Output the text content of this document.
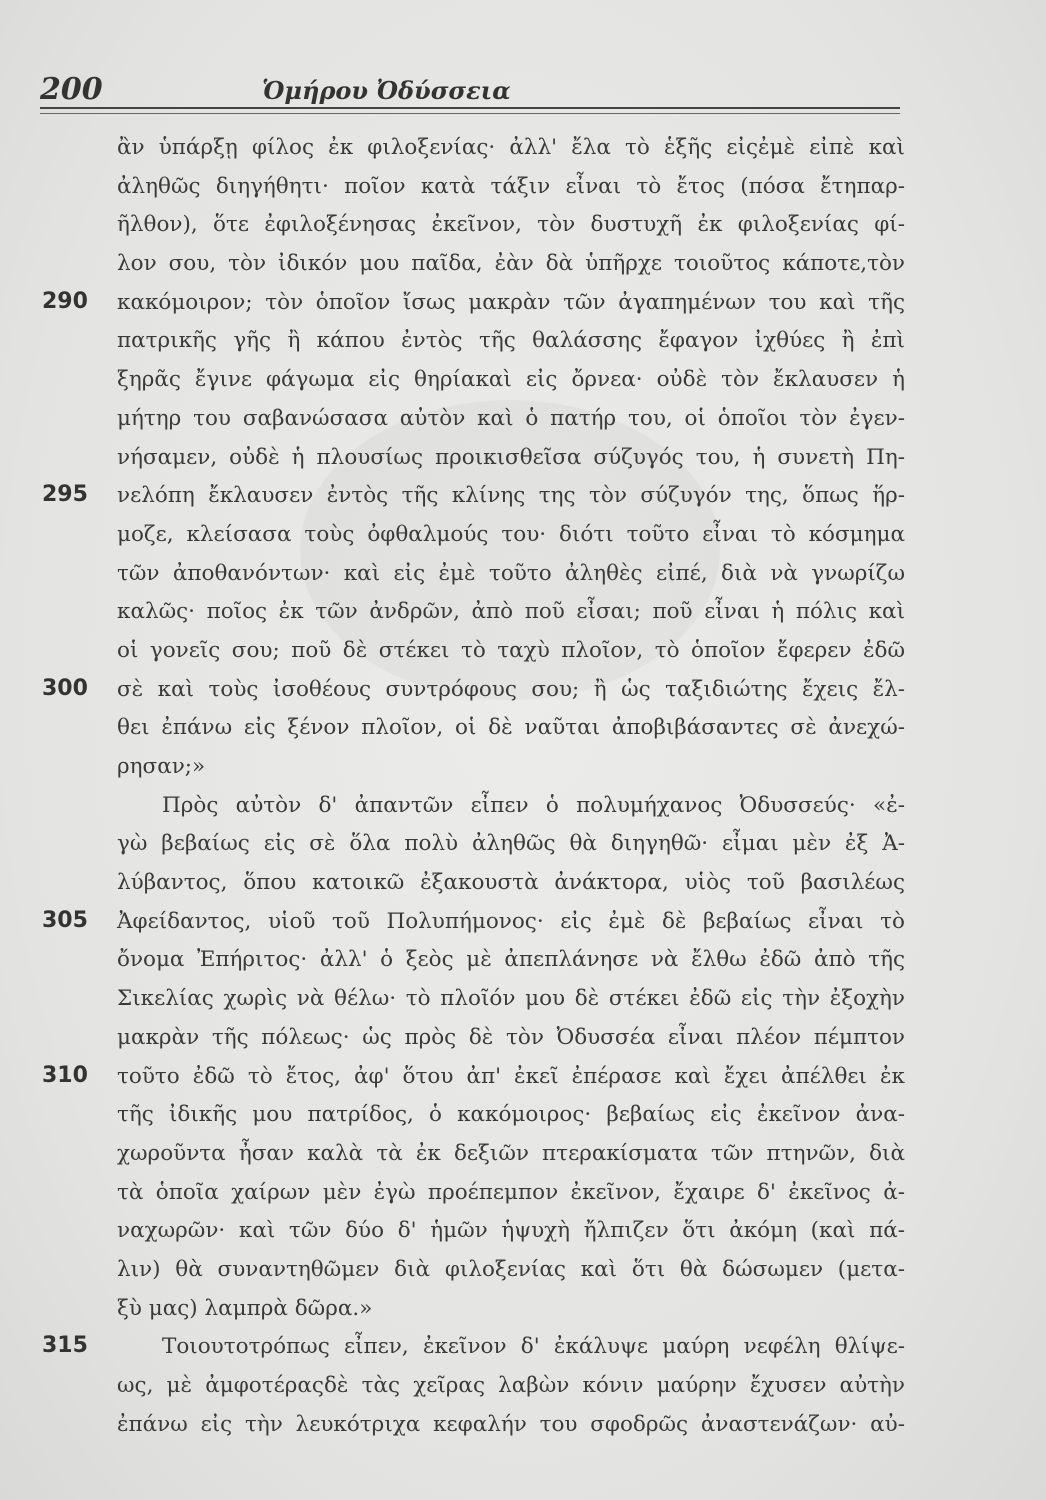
200	Ὁμήρου Ὀδύσσεια
ἂν ὑπάρξῃ φίλος ἐκ φιλοξενίας· ἀλλ' ἔλα τὸ ἑξῆς εἰςἐμὲ εἰπὲ καὶ
ἀληθῶς διηγήθητι· ποῖον κατὰ τάξιν εἶναι τὸ ἔτος (πόσα ἔτηπαρ-
ῆλθον), ὅτε ἐφιλοξένησας ἐκεῖνον, τὸν δυστυχῆ ἐκ φιλοξενίας φί-
λον σου, τὸν ἰδικόν μου παῖδα, ἐὰν δὰ ὑπῆρχε τοιοῦτος κάποτε,τὸν
290 κακόμοιρον; τὸν ὁποῖον ἴσως μακρὰν τῶν ἀγαπημένων του καὶ τῆς
πατρικῆς γῆς ἢ κάπου ἐντὸς τῆς θαλάσσης ἔφαγον ἰχθύες ἢ ἐπὶ
ξηρᾶς ἔγινε φάγωμα εἰς θηρίακαὶ εἰς ὄρνεα· οὐδὲ τὸν ἔκλαυσεν ἡ
μήτηρ του σαβανώσασα αὐτὸν καὶ ὁ πατήρ του, οἱ ὁποῖοι τὸν ἐγεν-
νήσαμεν, οὐδὲ ἡ πλουσίως προικισθεῖσα σύζυγός του, ἡ συνετὴ Πη-
295 νελόπη ἔκλαυσεν ἐντὸς τῆς κλίνης της τὸν σύζυγόν της, ὅπως ἥρ-
μοζε, κλείσασα τοὺς ὀφθαλμούς του· διότι τοῦτο εἶναι τὸ κόσμημα
τῶν ἀποθανόντων· καὶ εἰς ἐμὲ τοῦτο ἀληθὲς εἰπέ, διὰ νὰ γνωρίζω
καλῶς· ποῖος ἐκ τῶν ἀνδρῶν, ἀπὸ ποῦ εἶσαι; ποῦ εἶναι ἡ πόλις καὶ
οἱ γονεῖς σου; ποῦ δὲ στέκει τὸ ταχὺ πλοῖον, τὸ ὁποῖον ἔφερεν ἐδῶ
300 σὲ καὶ τοὺς ἰσοθέους συντρόφους σου; ἢ ὡς ταξιδιώτης ἔχεις ἔλ-
θει ἐπάνω εἰς ξένον πλοῖον, οἱ δὲ ναῦται ἀποβιβάσαντες σὲ ἀνεχώ-
ρησαν;»
Πρὸς αὐτὸν δ' ἀπαντῶν εἶπεν ὁ πολυμήχανος Ὀδυσσεύς· «ἐ-
γὼ βεβαίως εἰς σὲ ὅλα πολὺ ἀληθῶς θὰ διηγηθῶ· εἶμαι μὲν ἐξ Ἀ-
λύβαντος, ὅπου κατοικῶ ἐξακουστὰ ἀνάκτορα, υἱὸς τοῦ βασιλέως
305 Ἀφείδαντος, υἱοῦ τοῦ Πολυπήμονος· εἰς ἐμὲ δὲ βεβαίως εἶναι τὸ
ὄνομα Ἐπήριτος· ἀλλ' ὁ ξεὸς μὲ ἀπεπλάνησε νὰ ἔλθω ἐδῶ ἀπὸ τῆς
Σικελίας χωρὶς νὰ θέλω· τὸ πλοῖόν μου δὲ στέκει ἐδῶ εἰς τὴν ἐξοχὴν
μακρὰν τῆς πόλεως· ὡς πρὸς δὲ τὸν Ὀδυσσέα εἶναι πλέον πέμπτον
310 τοῦτο ἐδῶ τὸ ἔτος, ἀφ' ὅτου ἀπ' ἐκεῖ ἐπέρασε καὶ ἔχει ἀπέλθει ἐκ
τῆς ἰδικῆς μου πατρίδος, ὁ κακόμοιρος· βεβαίως εἰς ἐκεῖνον ἀνα-
χωροῦντα ἦσαν καλὰ τὰ ἐκ δεξιῶν πτερακίσματα τῶν πτηνῶν, διὰ
τὰ ὁποῖα χαίρων μὲν ἐγὼ προέπεμπον ἐκεῖνον, ἔχαιρε δ' ἐκεῖνος ἀ-
ναχωρῶν· καὶ τῶν δύο δ' ἡμῶν ἡψυχὴ ἤλπιζεν ὅτι ἀκόμη (καὶ πά-
λιν) θὰ συναντηθῶμεν διὰ φιλοξενίας καὶ ὅτι θὰ δώσωμεν (μετα-
ξὺ μας) λαμπρὰ δῶρα.»
315	Τοιουτοτρόπως εἶπεν, ἐκεῖνον δ' ἐκάλυψε μαύρη νεφέλη θλίψε-
ως, μὲ ἀμφοτέραςδὲ τὰς χεῖρας λαβὼν κόνιν μαύρην ἔχυσεν αὐτὴν
ἐπάνω εἰς τὴν λευκότριχα κεφαλήν του σφοδρῶς ἀναστενάζων· αὐ-
